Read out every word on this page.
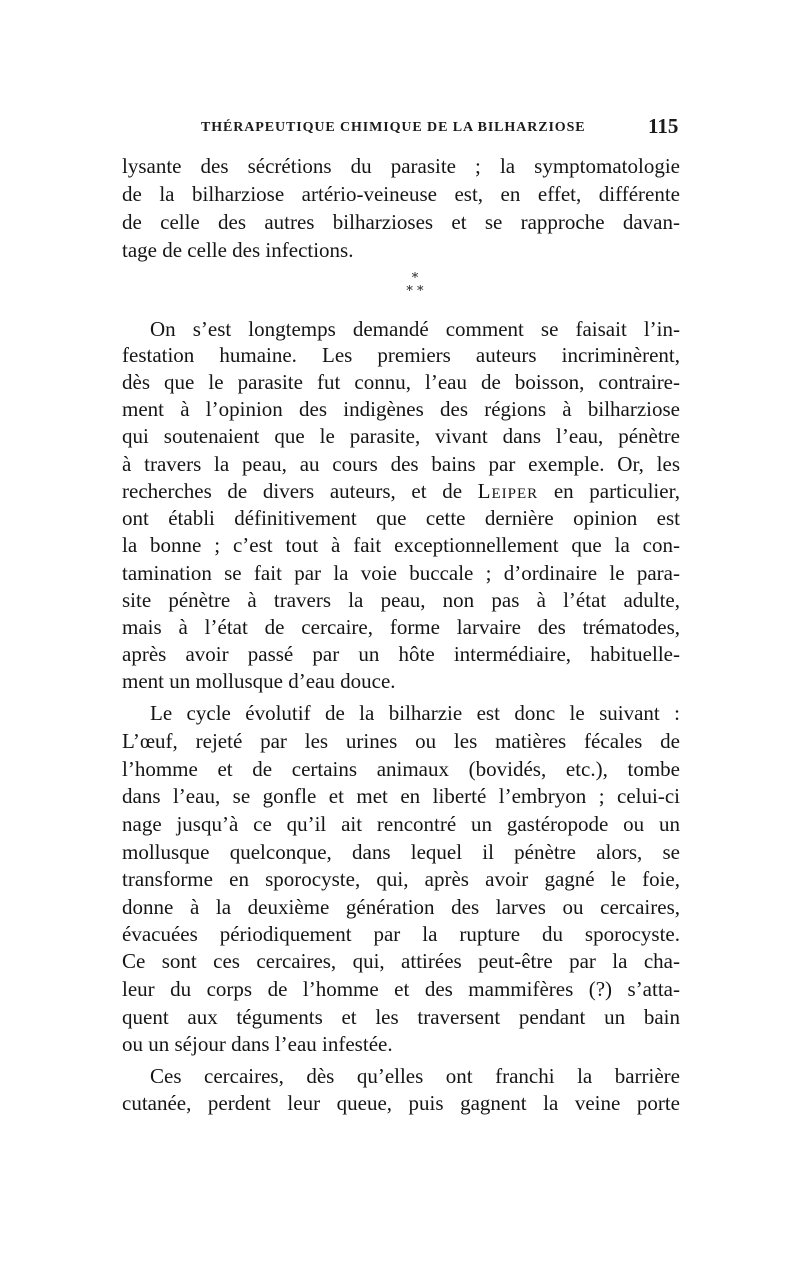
THÉRAPEUTIQUE CHIMIQUE DE LA BILHARZIOSE	115
lysante des sécrétions du parasite ; la symptomatologie
de la bilharziose artério-veineuse est, en effet, différente
de celle des autres bilharzioses et se rapproche davan-
tage de celle des infections.
*
* *
On s’est longtemps demandé comment se faisait l’in-
festation humaine. Les premiers auteurs incriminèrent,
dès que le parasite fut connu, l’eau de boisson, contraire-
ment à l’opinion des indigènes des régions à bilharziose
qui soutenaient que le parasite, vivant dans l’eau, pénètre
à travers la peau, au cours des bains par exemple. Or, les
recherches de divers auteurs, et de Leiper en particulier,
ont établi définitivement que cette dernière opinion est
la bonne ; c’est tout à fait exceptionnellement que la con-
tamination se fait par la voie buccale ; d’ordinaire le para-
site pénètre à travers la peau, non pas à l’état adulte,
mais à l’état de cercaire, forme larvaire des trématodes,
après avoir passé par un hôte intermédiaire, habituelle-
ment un mollusque d’eau douce.
Le cycle évolutif de la bilharzie est donc le suivant :
L’œuf, rejeté par les urines ou les matières fécales de
l’homme et de certains animaux (bovidés, etc.), tombe
dans l’eau, se gonfle et met en liberté l’embryon ; celui-ci
nage jusqu’à ce qu’il ait rencontré un gastéropode ou un
mollusque quelconque, dans lequel il pénètre alors, se
transforme en sporocyste, qui, après avoir gagné le foie,
donne à la deuxième génération des larves ou cercaires,
évacuées périodiquement par la rupture du sporocyste.
Ce sont ces cercaires, qui, attirées peut-être par la cha-
leur du corps de l’homme et des mammifères (?) s’atta-
quent aux téguments et les traversent pendant un bain
ou un séjour dans l’eau infestée.
Ces cercaires, dès qu’elles ont franchi la barrière
cutanée, perdent leur queue, puis gagnent la veine porte
